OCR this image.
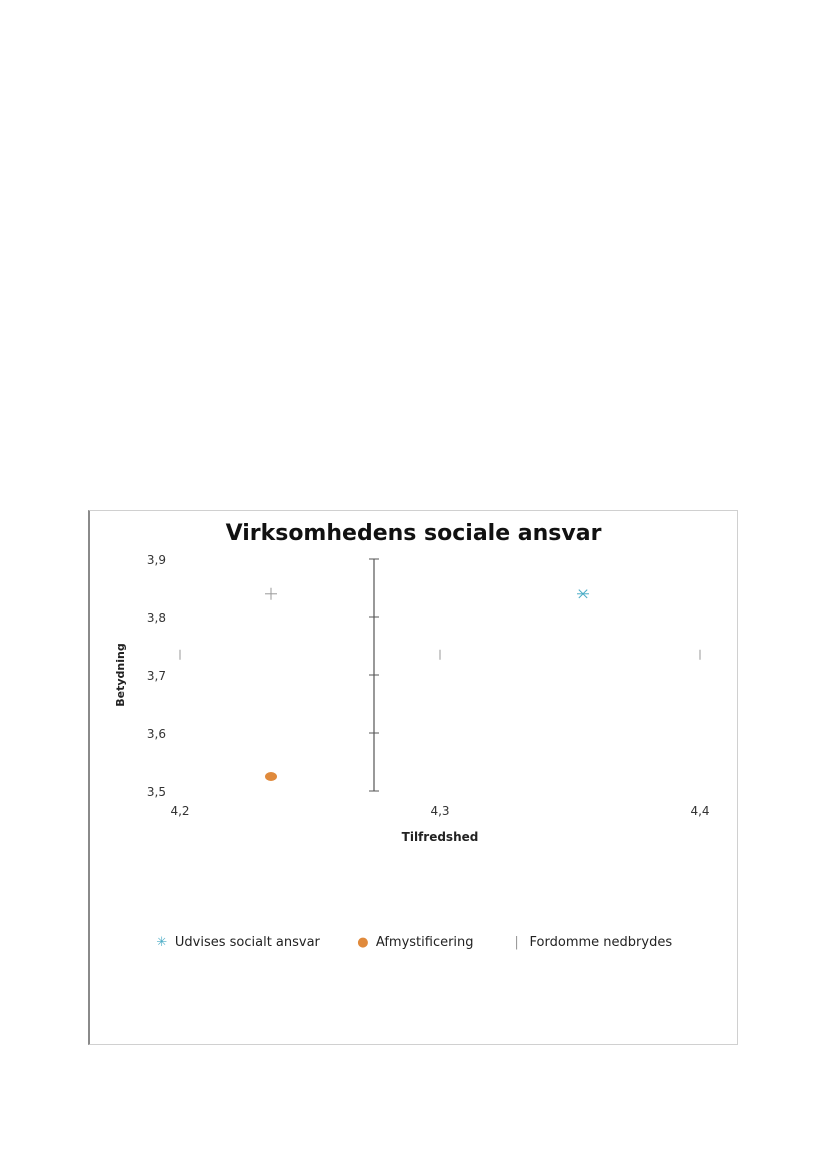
Virksomhedens sociale ansvar
3,5
3,6
3,7
3,8
3,9
4,2	4,3	4,4
Tilfredshed
Betydning
✳ Udvises socialt ansvar	● Afmystificering	| Fordomme nedbrydes
